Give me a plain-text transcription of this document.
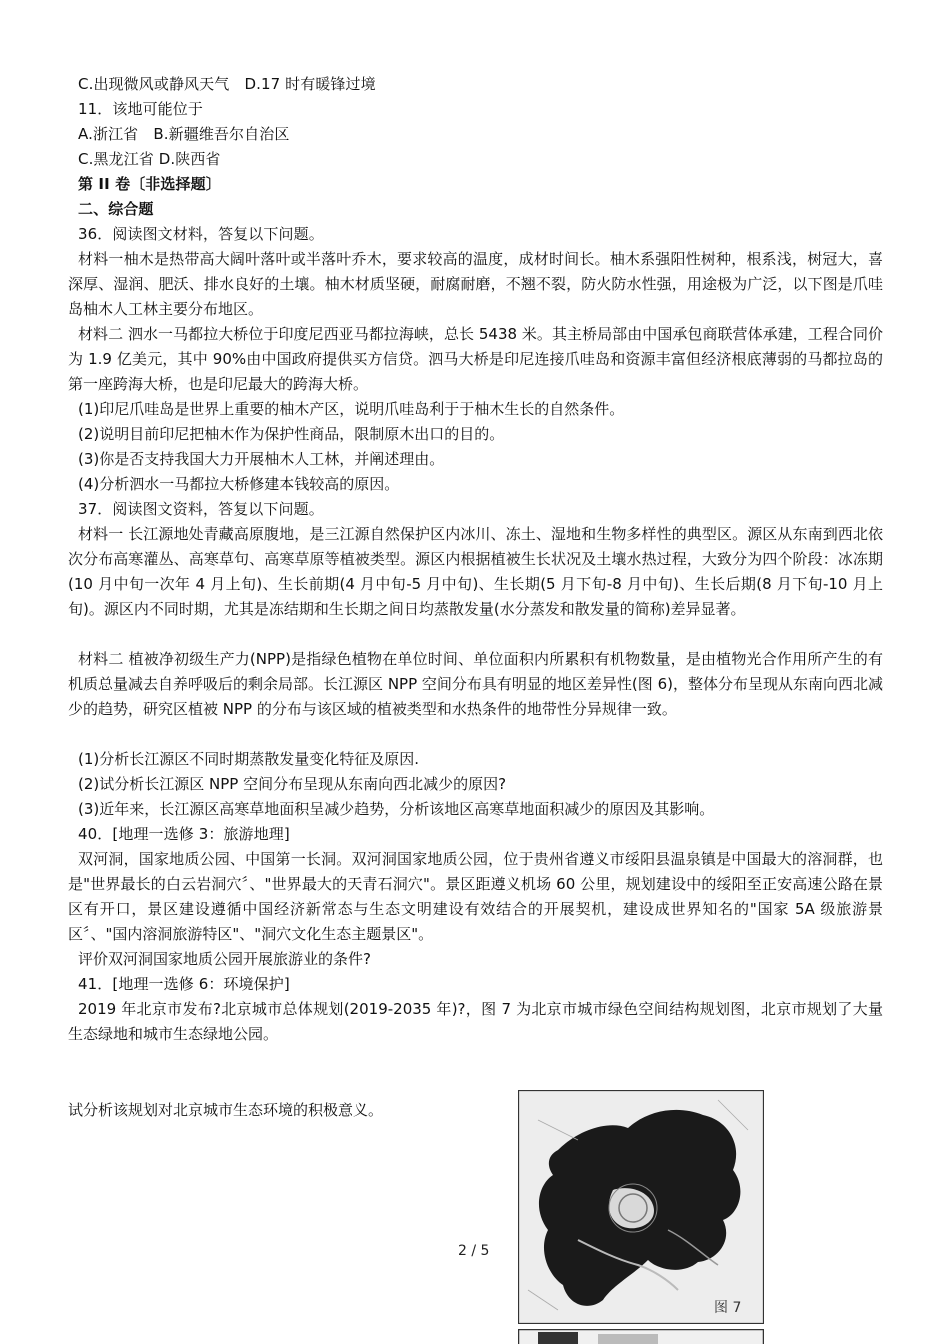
C.出现微风或静风天气　D.17 时有暖锋过境
11．该地可能位于
A.浙江省　B.新疆维吾尔自治区
C.黑龙江省 D.陕西省
第 II 卷〔非选择题〕
二、综合题
36．阅读图文材料，答复以下问题。
材料一柚木是热带高大阔叶落叶或半落叶乔木，要求较高的温度，成材时间长。柚木系强阳性树种，根系浅，树冠大，喜深厚、湿润、肥沃、排水良好的土壤。柚木材质坚硬，耐腐耐磨，不翘不裂，防火防水性强，用途极为广泛，以下图是爪哇岛柚木人工林主要分布地区。
材料二 泗水一马都拉大桥位于印度尼西亚马都拉海峡，总长 5438 米。其主桥局部由中国承包商联营体承建，工程合同价为 1.9 亿美元，其中 90%由中国政府提供买方信贷。泗马大桥是印尼连接爪哇岛和资源丰富但经济根底薄弱的马都拉岛的第一座跨海大桥，也是印尼最大的跨海大桥。
(1)印尼爪哇岛是世界上重要的柚木产区，说明爪哇岛利于于柚木生长的自然条件。
(2)说明目前印尼把柚木作为保护性商品，限制原木出口的目的。
(3)你是否支持我国大力开展柚木人工林，并阐述理由。
(4)分析泗水一马都拉大桥修建本钱较高的原因。
37．阅读图文资料，答复以下问题。
材料一 长江源地处青藏高原腹地，是三江源自然保护区内冰川、冻土、湿地和生物多样性的典型区。源区从东南到西北依次分布高寒灌丛、高寒草句、高寒草原等植被类型。源区内根据植被生长状况及土壤水热过程，大致分为四个阶段：冰冻期(10 月中旬一次年 4 月上旬)、生长前期(4 月中旬-5 月中旬)、生长期(5 月下旬-8 月中旬)、生长后期(8 月下旬-10 月上旬)。源区内不同时期，尤其是冻结期和生长期之间日均蒸散发量(水分蒸发和散发量的简称)差异显著。
材料二 植被净初级生产力(NPP)是指绿色植物在单位时间、单位面积内所累积有机物数量，是由植物光合作用所产生的有机质总量减去自养呼吸后的剩余局部。长江源区 NPP 空间分布具有明显的地区差异性(图 6)，整体分布呈现从东南向西北减少的趋势，研究区植被 NPP 的分布与该区域的植被类型和水热条件的地带性分异规律一致。
(1)分析长江源区不同时期蒸散发量变化特征及原因.
(2)试分析长江源区 NPP 空间分布呈现从东南向西北减少的原因?
(3)近年来，长江源区高寒草地面积呈减少趋势，分析该地区高寒草地面积减少的原因及其影响。
40．[地理一选修 3：旅游地理]
双河洞，国家地质公园、中国第一长洞。双河洞国家地质公园，位于贵州省遵义市绥阳县温泉镇是中国最大的溶洞群，也是"世界最长的白云岩洞穴〞、"世界最大的天青石洞穴"。景区距遵义机场 60 公里，规划建设中的绥阳至正安高速公路在景区有开口，景区建设遵循中国经济新常态与生态文明建设有效结合的开展契机，建设成世界知名的"国家 5A 级旅游景区〞、"国内溶洞旅游特区"、"洞穴文化生态主题景区"。
评价双河洞国家地质公园开展旅游业的条件?
41．[地理一选修 6：环境保护]
2019 年北京市发布?北京城市总体规划(2019-2035 年)?，图 7 为北京市城市绿色空间结构规划图，北京市规划了大量生态绿地和城市生态绿地公园。
试分析该规划对北京城市生态环境的积极意义。
2 / 5
图 7
